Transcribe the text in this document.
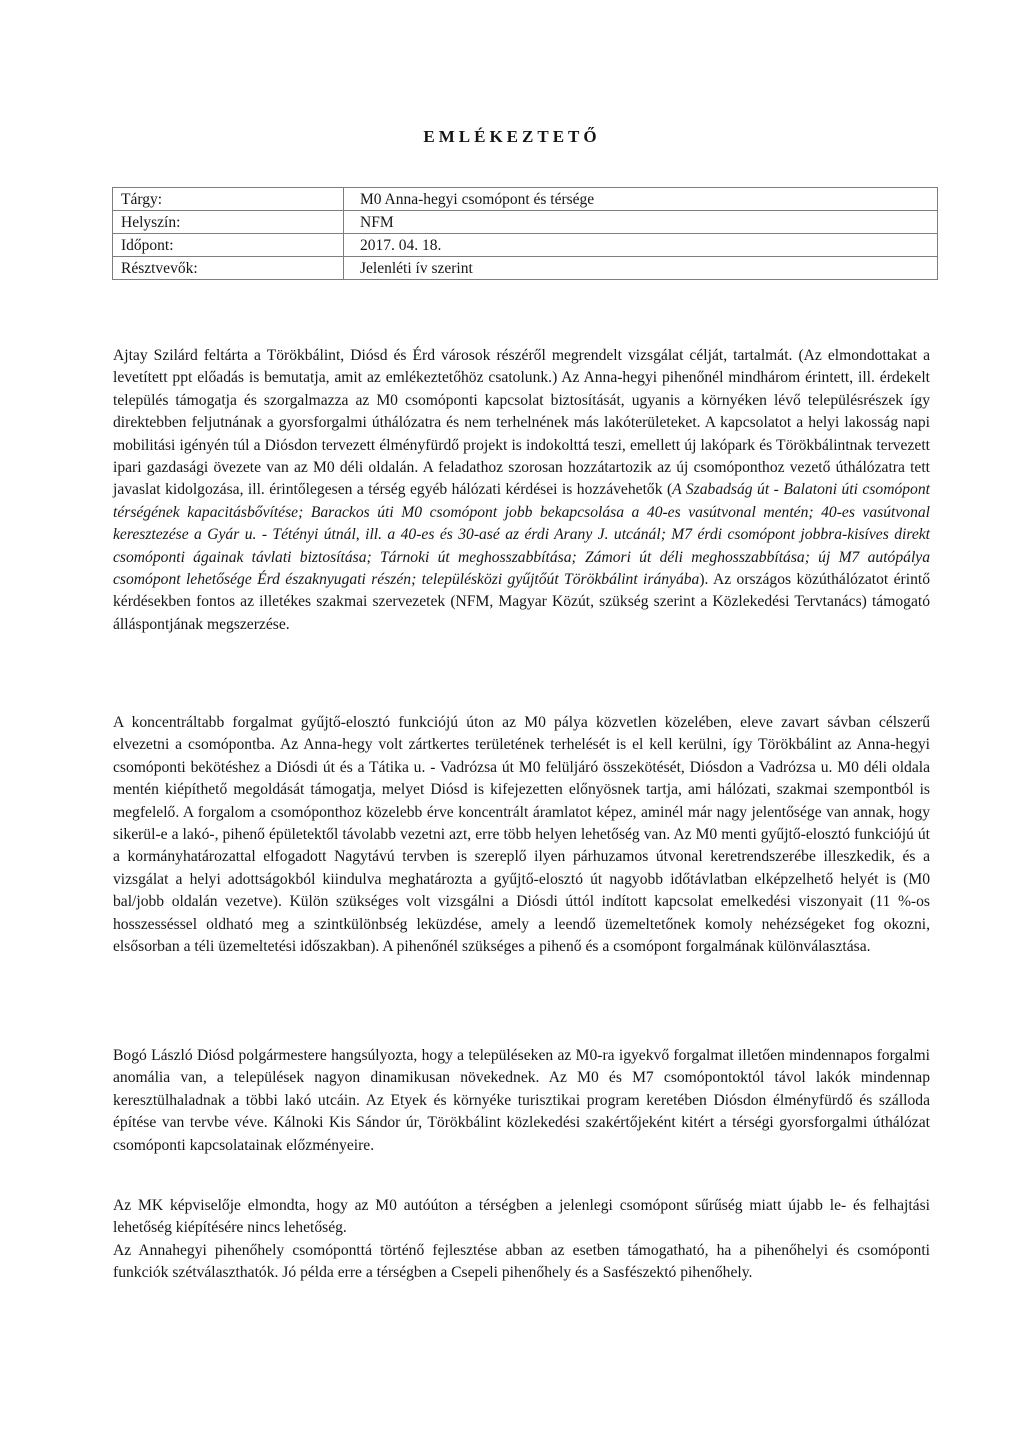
EMLÉKEZTETŐ
Tárgy:	M0 Anna-hegyi csomópont és térsége
Helyszín:	NFM
Időpont:	2017. 04. 18.
Résztvevők:	Jelenléti ív szerint

Ajtay Szilárd feltárta a Törökbálint, Diósd és Érd városok részéről megrendelt vizsgálat célját, tartalmát. (Az elmondottakat a levetített ppt előadás is bemutatja, amit az emlékeztetőhöz csatolunk.) Az Anna-hegyi pihenőnél mindhárom érintett, ill. érdekelt település támogatja és szorgalmazza az M0 csomóponti kapcsolat biztosítását, ugyanis a környéken lévő településrészek így direktebben feljutnának a gyorsforgalmi úthálózatra és nem terhelnének más lakóterületeket. A kapcsolatot a helyi lakosság napi mobilitási igényén túl a Diósdon tervezett élményfürdő projekt is indokolttá teszi, emellett új lakópark és Törökbálintnak tervezett ipari gazdasági övezete van az M0 déli oldalán. A feladathoz szorosan hozzátartozik az új csomóponthoz vezető úthálózatra tett javaslat kidolgozása, ill. érintőlegesen a térség egyéb hálózati kérdései is hozzávehetők (A Szabadság út - Balatoni úti csomópont térségének kapacitásbővítése; Barackos úti M0 csomópont jobb bekapcsolása a 40-es vasútvonal mentén; 40-es vasútvonal keresztezése a Gyár u. - Tétényi útnál, ill. a 40-es és 30-asé az érdi Arany J. utcánál; M7 érdi csomópont jobbra-kisíves direkt csomóponti ágainak távlati biztosítása; Tárnoki út meghosszabbítása; Zámori út déli meghosszabbítása; új M7 autópálya csomópont lehetősége Érd északnyugati részén; településközi gyűjtőút Törökbálint irányába). Az országos közúthálózatot érintő kérdésekben fontos az illetékes szakmai szervezetek (NFM, Magyar Közút, szükség szerint a Közlekedési Tervtanács) támogató álláspontjának megszerzése.

A koncentráltabb forgalmat gyűjtő-elosztó funkciójú úton az M0 pálya közvetlen közelében, eleve zavart sávban célszerű elvezetni a csomópontba. Az Anna-hegy volt zártkertes területének terhelését is el kell kerülni, így Törökbálint az Anna-hegyi csomóponti bekötéshez a Diósdi út és a Tátika u. - Vadrózsa út M0 felüljáró összekötését, Diósdon a Vadrózsa u. M0 déli oldala mentén kiépíthető megoldását támogatja, melyet Diósd is kifejezetten előnyösnek tartja, ami hálózati, szakmai szempontból is megfelelő. A forgalom a csomóponthoz közelebb érve koncentrált áramlatot képez, aminél már nagy jelentősége van annak, hogy sikerül-e a lakó-, pihenő épületektől távolabb vezetni azt, erre több helyen lehetőség van. Az M0 menti gyűjtő-elosztó funkciójú út a kormányhatározattal elfogadott Nagytávú tervben is szereplő ilyen párhuzamos útvonal keretrendszerébe illeszkedik, és a vizsgálat a helyi adottságokból kiindulva meghatározta a gyűjtő-elosztó út nagyobb időtávlatban elképzelhető helyét is (M0 bal/jobb oldalán vezetve). Külön szükséges volt vizsgálni a Diósdi úttól indított kapcsolat emelkedési viszonyait (11 %-os hosszesséssel oldható meg a szintkülönbség leküzdése, amely a leendő üzemeltetőnek komoly nehézségeket fog okozni, elsősorban a téli üzemeltetési időszakban). A pihenőnél szükséges a pihenő és a csomópont forgalmának különválasztása.

Bogó László Diósd polgármestere hangsúlyozta, hogy a településeken az M0-ra igyekvő forgalmat illetően mindennapos forgalmi anomália van, a települések nagyon dinamikusan növekednek. Az M0 és M7 csomópontoktól távol lakók mindennap keresztülhaladnak a többi lakó utcáin. Az Etyek és környéke turisztikai program keretében Diósdon élményfürdő és szálloda építése van tervbe véve. Kálnoki Kis Sándor úr, Törökbálint közlekedési szakértőjeként kitért a térségi gyorsforgalmi úthálózat csomóponti kapcsolatainak előzményeire.

Az MK képviselője elmondta, hogy az M0 autóúton a térségben a jelenlegi csomópont sűrűség miatt újabb le- és felhajtási lehetőség kiépítésére nincs lehetőség.

Az Annahegyi pihenőhely csomóponttá történő fejlesztése abban az esetben támogatható, ha a pihenőhelyi és csomóponti funkciók szétválaszthatók. Jó példa erre a térségben a Csepeli pihenőhely és a Sasfészektó pihenőhely.
